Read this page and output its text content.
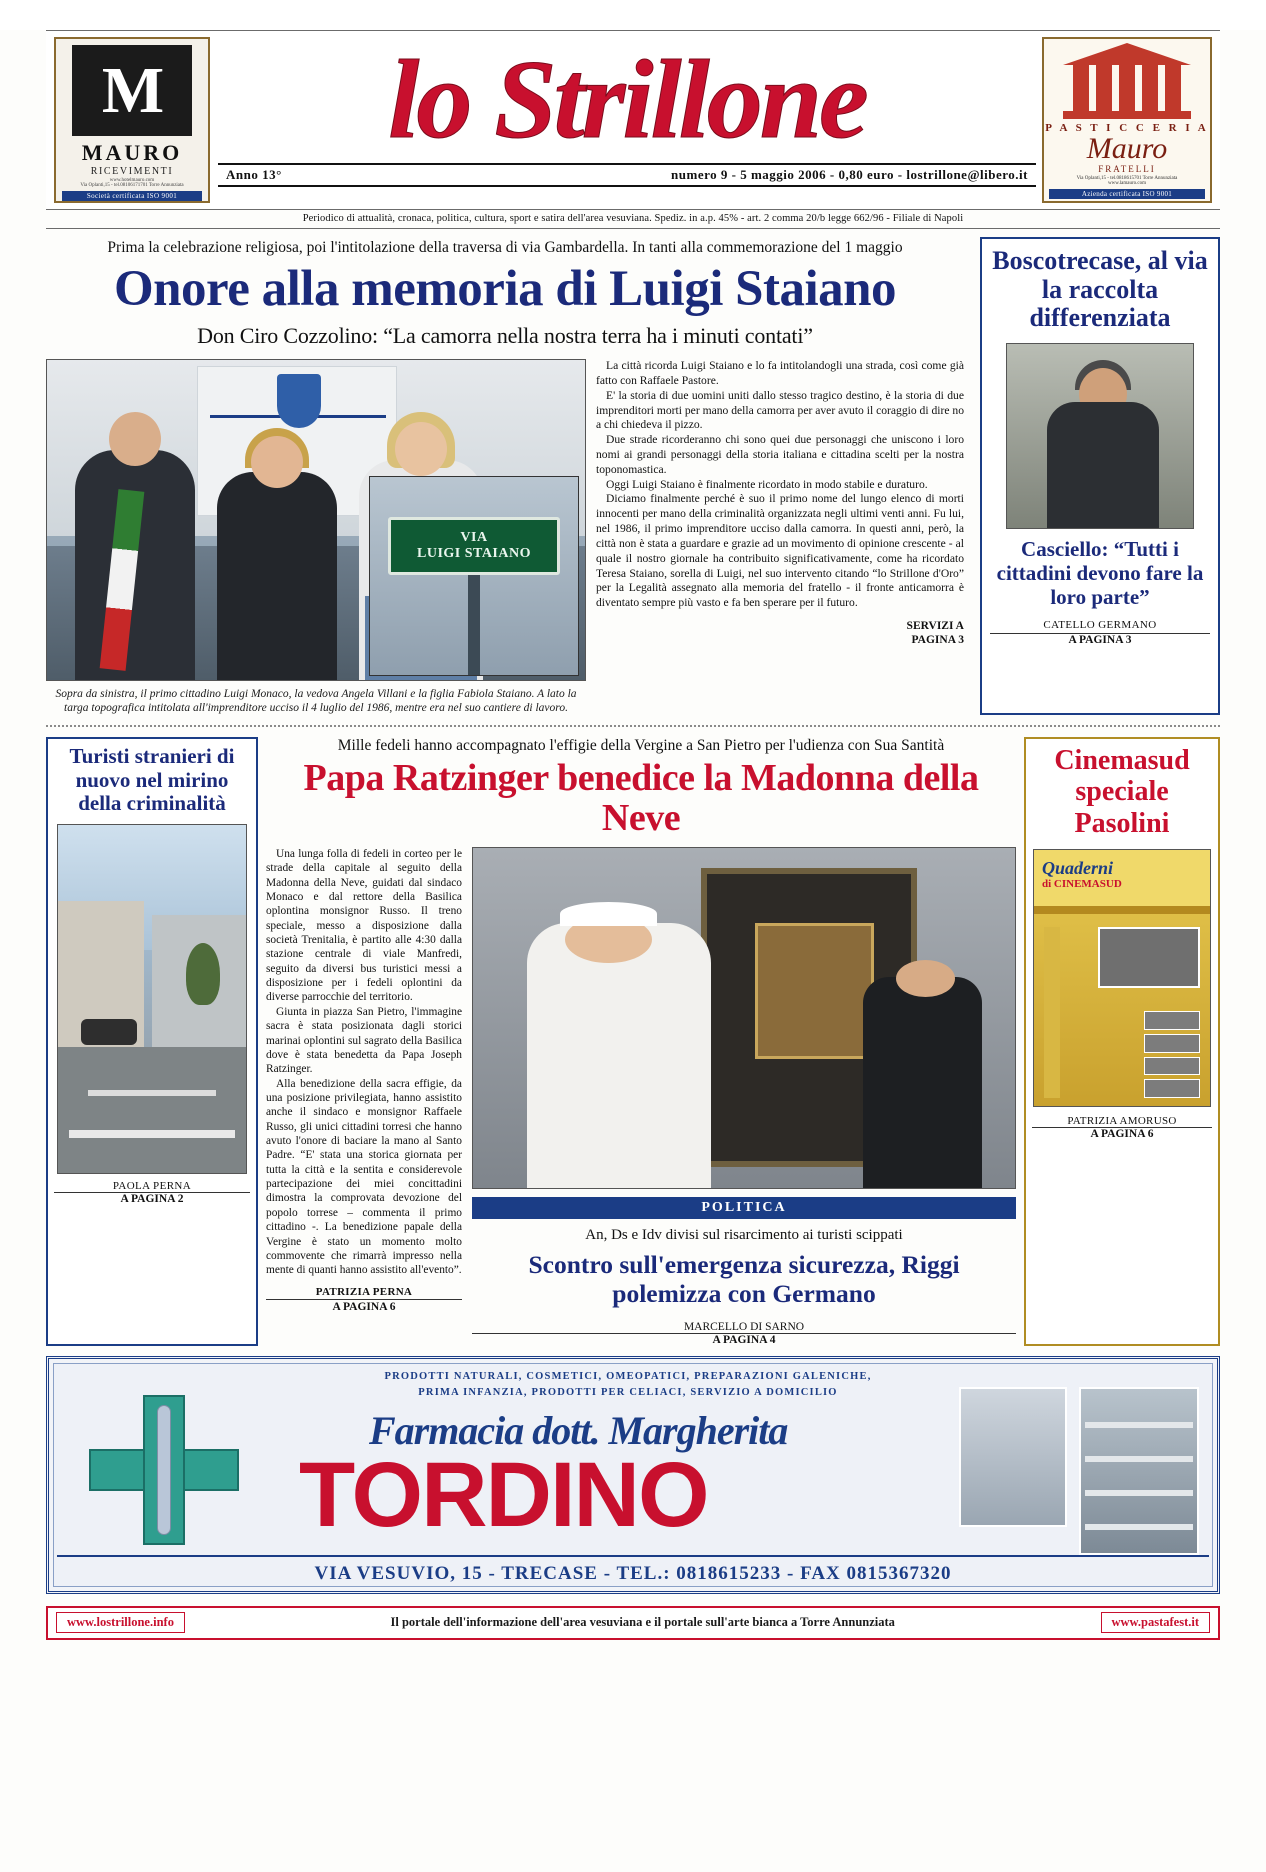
M
MAURO
RICEVIMENTI
www.hotelmauro.com
Via Oplanti,15 - tel.08106171701 Torre Annunziata
Società certificata ISO 9001
lo Strillone
Anno 13°	numero 9 - 5 maggio 2006 - 0,80 euro - lostrillone@libero.it
P A S T I C C E R I A
Mauro
FRATELLI
Via Oplanti,15 - tel.0818615701 Torre Annunziata
www.lamauro.com
Azienda certificata ISO 9001
Periodico di attualità, cronaca, politica, cultura, sport e satira dell'area vesuviana. Spediz. in a.p. 45% - art. 2 comma 20/b legge 662/96 - Filiale di Napoli
Prima la celebrazione religiosa, poi l'intitolazione della traversa di via Gambardella. In tanti alla commemorazione del 1 maggio
Onore alla memoria di Luigi Staiano
Don Ciro Cozzolino: “La camorra nella nostra terra ha i minuti contati”
VIA
LUIGI STAIANO
Sopra da sinistra, il primo cittadino Luigi Monaco, la vedova Angela Villani e la figlia Fabiola Staiano. A lato la targa topografica intitolata all'imprenditore ucciso il 4 luglio del 1986, mentre era nel suo cantiere di lavoro.

La città ricorda Luigi Staiano e lo fa intitolandogli una strada, così come già fatto con Raffaele Pastore.

E' la storia di due uomini uniti dallo stesso tragico destino, è la storia di due imprenditori morti per mano della camorra per aver avuto il coraggio di dire no a chi chiedeva il pizzo.

Due strade ricorderanno chi sono quei due personaggi che uniscono i loro nomi ai grandi personaggi della storia italiana e cittadina scelti per la nostra toponomastica.

Oggi Luigi Staiano è finalmente ricordato in modo stabile e duraturo.

Diciamo finalmente perché è suo il primo nome del lungo elenco di morti innocenti per mano della criminalità organizzata negli ultimi venti anni. Fu lui, nel 1986, il primo imprenditore ucciso dalla camorra. In questi anni, però, la città non è stata a guardare e grazie ad un movimento di opinione crescente - al quale il nostro giornale ha contribuito significativamente, come ha ricordato Teresa Staiano, sorella di Luigi, nel suo intervento citando “lo Strillone d'Oro” per la Legalità assegnato alla memoria del fratello - il fronte anticamorra è diventato sempre più vasto e fa ben sperare per il futuro.

SERVIZI A
PAGINA 3
Boscotrecase, al via la raccolta differenziata
Casciello: “Tutti i cittadini devono fare la loro parte”
CATELLO GERMANO
A PAGINA 3
Turisti stranieri di nuovo nel mirino della criminalità
PAOLA PERNA
A PAGINA 2
Mille fedeli hanno accompagnato l'effigie della Vergine a San Pietro per l'udienza con Sua Santità
Papa Ratzinger benedice la Madonna della Neve

Una lunga folla di fedeli in corteo per le strade della capitale al seguito della Madonna della Neve, guidati dal sindaco Monaco e dal rettore della Basilica oplontina monsignor Russo. Il treno speciale, messo a disposizione dalla società Trenitalia, è partito alle 4:30 dalla stazione centrale di viale Manfredi, seguito da diversi bus turistici messi a disposizione per i fedeli oplontini da diverse parrocchie del territorio.

Giunta in piazza San Pietro, l'immagine sacra è stata posizionata dagli storici marinai oplontini sul sagrato della Basilica dove è stata benedetta da Papa Joseph Ratzinger.

Alla benedizione della sacra effigie, da una posizione privilegiata, hanno assistito anche il sindaco e monsignor Raffaele Russo, gli unici cittadini torresi che hanno avuto l'onore di baciare la mano al Santo Padre. “E' stata una storica giornata per tutta la città e la sentita e considerevole partecipazione dei miei concittadini dimostra la comprovata devozione del popolo torrese – commenta il primo cittadino -. La benedizione papale della Vergine è stato un momento molto commovente che rimarrà impresso nella mente di quanti hanno assistito all'evento”.

PATRIZIA PERNA
A PAGINA 6
POLITICA
An, Ds e Idv divisi sul risarcimento ai turisti scippati
Scontro sull'emergenza sicurezza, Riggi polemizza con Germano
MARCELLO DI SARNO
A PAGINA 4
Cinemasud speciale Pasolini
Quaderni
di CINEMASUD
PATRIZIA AMORUSO
A PAGINA 6
PRODOTTI NATURALI, COSMETICI, OMEOPATICI, PREPARAZIONI GALENICHE,
PRIMA INFANZIA, PRODOTTI PER CELIACI, SERVIZIO A DOMICILIO
Farmacia dott. Margherita
TORDINO
VIA VESUVIO, 15 - TRECASE - TEL.: 0818615233 - FAX 0815367320
www.lostrillone.info	Il portale dell'informazione dell'area vesuviana e il portale sull'arte bianca a Torre Annunziata	www.pastafest.it
